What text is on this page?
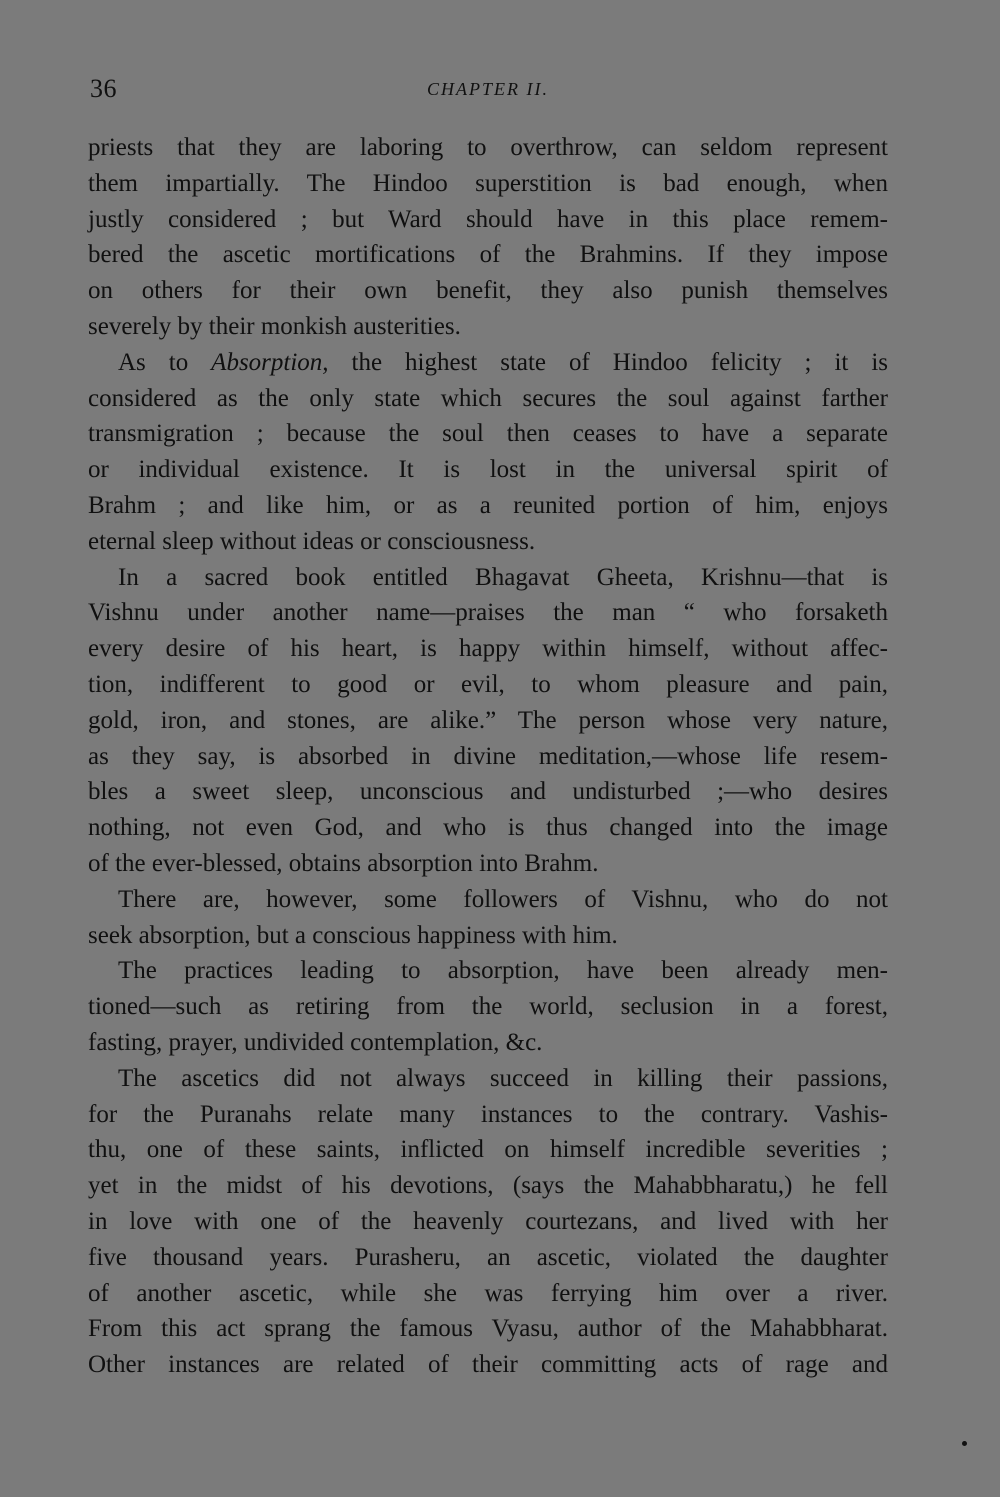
36	CHAPTER II.

priests that they are laboring to overthrow, can seldom represent
them impartially. The Hindoo superstition is bad enough, when
justly considered ; but Ward should have in this place remem-
bered the ascetic mortifications of the Brahmins. If they impose
on others for their own benefit, they also punish themselves
severely by their monkish austerities.

As to Absorption, the highest state of Hindoo felicity ; it is
considered as the only state which secures the soul against farther
transmigration ; because the soul then ceases to have a separate
or individual existence. It is lost in the universal spirit of
Brahm ; and like him, or as a reunited portion of him, enjoys
eternal sleep without ideas or consciousness.

In a sacred book entitled Bhagavat Gheeta, Krishnu—that is
Vishnu under another name—praises the man “ who forsaketh
every desire of his heart, is happy within himself, without affec-
tion, indifferent to good or evil, to whom pleasure and pain,
gold, iron, and stones, are alike.” The person whose very nature,
as they say, is absorbed in divine meditation,—whose life resem-
bles a sweet sleep, unconscious and undisturbed ;—who desires
nothing, not even God, and who is thus changed into the image
of the ever-blessed, obtains absorption into Brahm.

There are, however, some followers of Vishnu, who do not
seek absorption, but a conscious happiness with him.

The practices leading to absorption, have been already men-
tioned—such as retiring from the world, seclusion in a forest,
fasting, prayer, undivided contemplation, &c.

The ascetics did not always succeed in killing their passions,
for the Puranahs relate many instances to the contrary. Vashis-
thu, one of these saints, inflicted on himself incredible severities ;
yet in the midst of his devotions, (says the Mahabbharatu,) he fell
in love with one of the heavenly courtezans, and lived with her
five thousand years. Purasheru, an ascetic, violated the daughter
of another ascetic, while she was ferrying him over a river.
From this act sprang the famous Vyasu, author of the Mahabbharat.
Other instances are related of their committing acts of rage and
